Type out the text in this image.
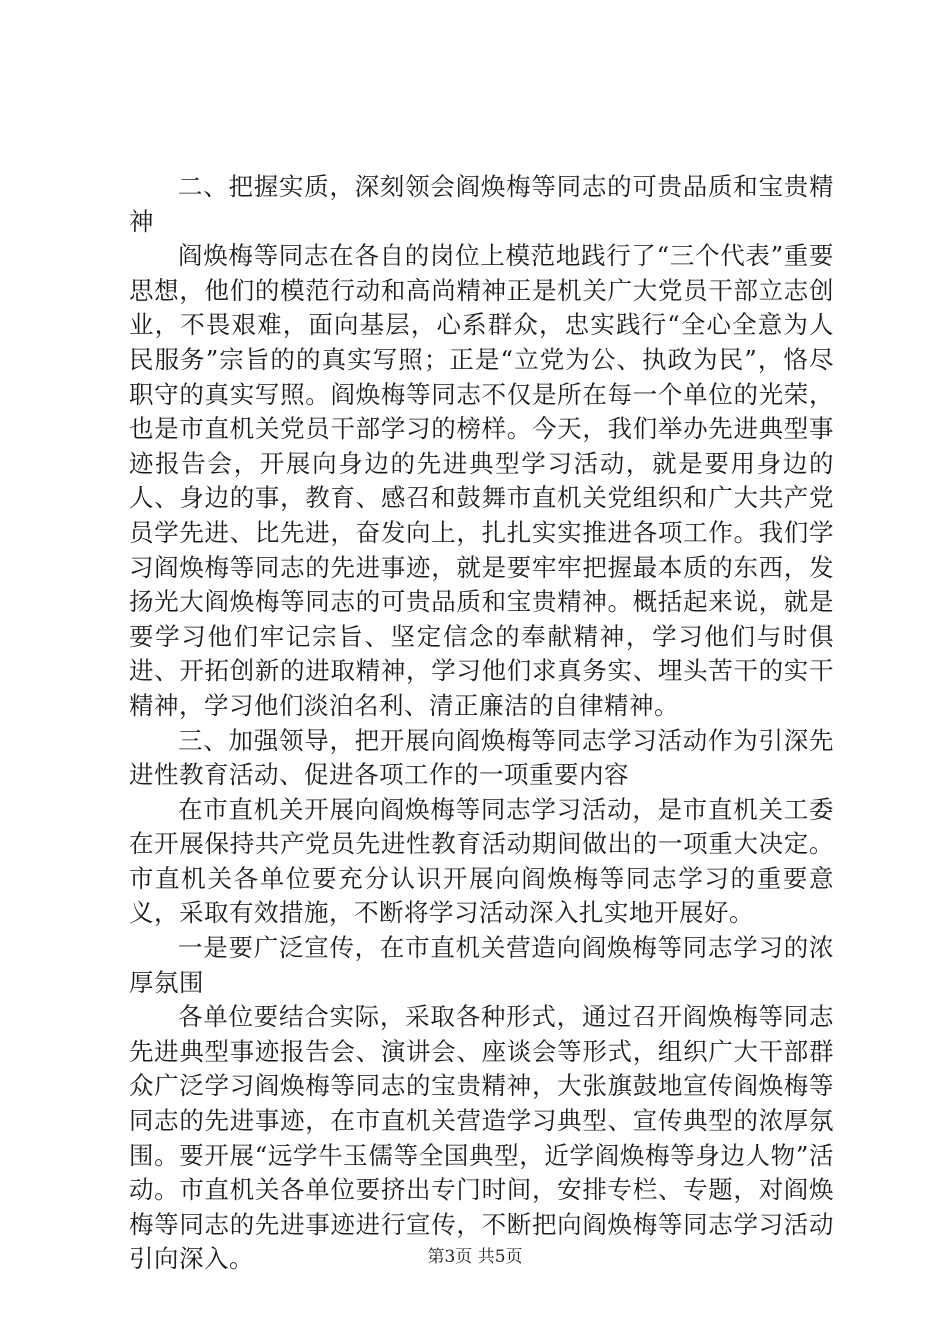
二、把握实质，深刻领会阎焕梅等同志的可贵品质和宝贵精神

阎焕梅等同志在各自的岗位上模范地践行了“三个代表”重要思想，他们的模范行动和高尚精神正是机关广大党员干部立志创业，不畏艰难，面向基层，心系群众，忠实践行“全心全意为人民服务”宗旨的的真实写照；正是“立党为公、执政为民”，恪尽职守的真实写照。阎焕梅等同志不仅是所在每一个单位的光荣，也是市直机关党员干部学习的榜样。今天，我们举办先进典型事迹报告会，开展向身边的先进典型学习活动，就是要用身边的人、身边的事，教育、感召和鼓舞市直机关党组织和广大共产党员学先进、比先进，奋发向上，扎扎实实推进各项工作。我们学习阎焕梅等同志的先进事迹，就是要牢牢把握最本质的东西，发扬光大阎焕梅等同志的可贵品质和宝贵精神。概括起来说，就是要学习他们牢记宗旨、坚定信念的奉献精神，学习他们与时俱进、开拓创新的进取精神，学习他们求真务实、埋头苦干的实干精神，学习他们淡泊名利、清正廉洁的自律精神。

三、加强领导，把开展向阎焕梅等同志学习活动作为引深先进性教育活动、促进各项工作的一项重要内容

在市直机关开展向阎焕梅等同志学习活动，是市直机关工委在开展保持共产党员先进性教育活动期间做出的一项重大决定。市直机关各单位要充分认识开展向阎焕梅等同志学习的重要意义，采取有效措施，不断将学习活动深入扎实地开展好。

一是要广泛宣传，在市直机关营造向阎焕梅等同志学习的浓厚氛围

各单位要结合实际，采取各种形式，通过召开阎焕梅等同志先进典型事迹报告会、演讲会、座谈会等形式，组织广大干部群众广泛学习阎焕梅等同志的宝贵精神，大张旗鼓地宣传阎焕梅等同志的先进事迹，在市直机关营造学习典型、宣传典型的浓厚氛围。要开展“远学牛玉儒等全国典型，近学阎焕梅等身边人物”活动。市直机关各单位要挤出专门时间，安排专栏、专题，对阎焕梅等同志的先进事迹进行宣传，不断把向阎焕梅等同志学习活动引向深入。	第3页 共5页
